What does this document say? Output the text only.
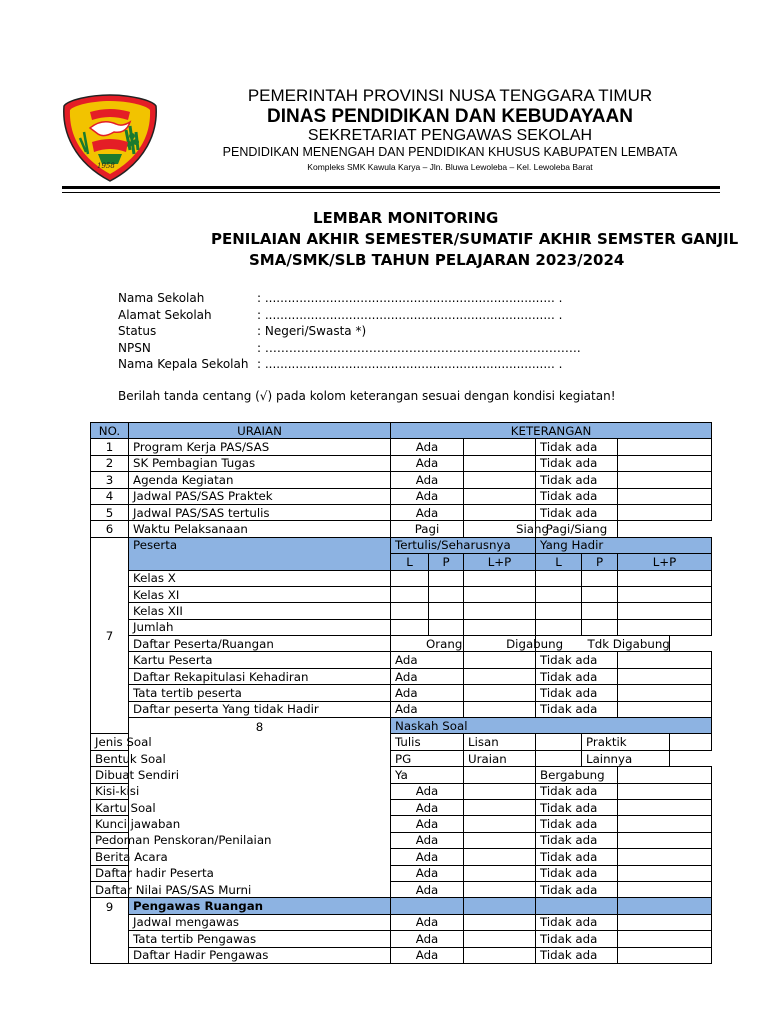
1958
PEMERINTAH PROVINSI NUSA TENGGARA TIMUR
DINAS PENDIDIKAN DAN KEBUDAYAAN
SEKRETARIAT PENGAWAS SEKOLAH
PENDIDIKAN MENENGAH DAN PENDIDIKAN KHUSUS KABUPATEN LEMBATA
Kompleks SMK Kawula Karya – Jln. Bluwa Lewoleba – Kel. Lewoleba Barat
LEMBAR MONITORING
PENILAIAN AKHIR SEMESTER/SUMATIF AKHIR SEMSTER GANJIL
SMA/SMK/SLB TAHUN PELAJARAN 2023/2024
Nama Sekolah	: ............................................................................ .
Alamat Sekolah	: ............................................................................ .
Status	: Negeri/Swasta *)
NPSN	: …………………………………………………………………….
Nama Kepala Sekolah : ............................................................................ .
Berilah tanda centang (√) pada kolom keterangan sesuai dengan kondisi kegiatan!
NO.	URAIAN	KETERANGAN						
1	Program Kerja PAS/SAS	Ada			Tidak ada			
2	SK Pembagian Tugas	Ada			Tidak ada			
3	Agenda Kegiatan	Ada			Tidak ada			
4	Jadwal PAS/SAS Praktek	Ada			Tidak ada			
5	Jadwal PAS/SAS tertulis	Ada			Tidak ada			
6	Waktu Pelaksanaan	Pagi		Siang	Pagi/Siang			
7	Peserta	Tertulis/Seharusnya			Yang Hadir			
		L	P	L+P	L	P	L+P	
	Kelas X							
	Kelas XI							
	Kelas XII							
	Jumlah							
	Daftar Peserta/Ruangan			Orang Digabung		Tdk Digabung		
	Kartu Peserta	Ada			Tidak ada			
	Daftar Rekapitulasi Kehadiran	Ada			Tidak ada			
	Tata tertib peserta	Ada			Tidak ada			
	Daftar peserta Yang tidak Hadir	Ada			Tidak ada			
	8	Naskah Soal						
Jenis Soal		Tulis		Lisan		Praktik		
Bentuk Soal		PG		Uraian		Lainnya		
Dibuat Sendiri		Ya			Bergabung			
Kisi-kisi		Ada			Tidak ada			
Kartu Soal		Ada			Tidak ada			
Kunci jawaban		Ada			Tidak ada			
Pedoman Penskoran/Penilaian		Ada			Tidak ada			
Berita Acara		Ada			Tidak ada			
Daftar hadir Peserta		Ada			Tidak ada			
Daftar Nilai PAS/SAS Murni		Ada			Tidak ada			
9	Pengawas Ruangan							
	Jadwal mengawas	Ada			Tidak ada			
	Tata tertib Pengawas	Ada			Tidak ada			
	Daftar Hadir Pengawas	Ada			Tidak ada			
